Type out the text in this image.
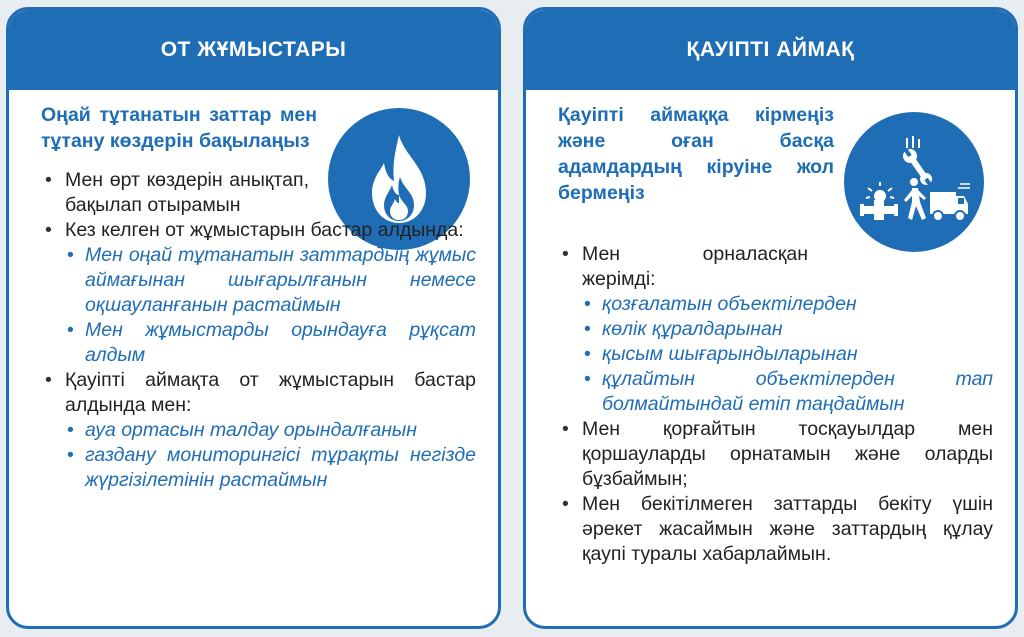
ОТ ЖҰМЫСТАРЫ

Оңай тұтанатын заттар мен тұтану көздерін бақылаңыз

• Мен өрт көздерін анықтап, бақылап отырамын
• Кез келген от жұмыстарын бастар алдында:
• Мен оңай тұтанатын заттардың жұмыс аймағынан шығарылғанын немесе оқшауланғанын растаймын
• Мен жұмыстарды орындауға рұқсат алдым
• Қауіпті аймақта от жұмыстарын бастар алдында мен:
• ауа ортасын талдау орындалғанын
• газдану мониторингісі тұрақты негізде жүргізілетінін растаймын
ҚАУІПТІ АЙМАҚ

Қауіпті аймаққа кірмеңіз және оған басқа адамдардың кіруіне жол бермеңіз

• Мен орналасқан жерімді:
• қозғалатын объектілерден
• көлік құралдарынан
• қысым шығарындыларынан
• құлайтын объектілерден тап болмайтындай етіп таңдаймын
• Мен қорғайтын тосқауылдар мен қоршауларды орнатамын және оларды бұзбаймын;
• Мен бекітілмеген заттарды бекіту үшін әрекет жасаймын және заттардың құлау қаупі туралы хабарлаймын.
